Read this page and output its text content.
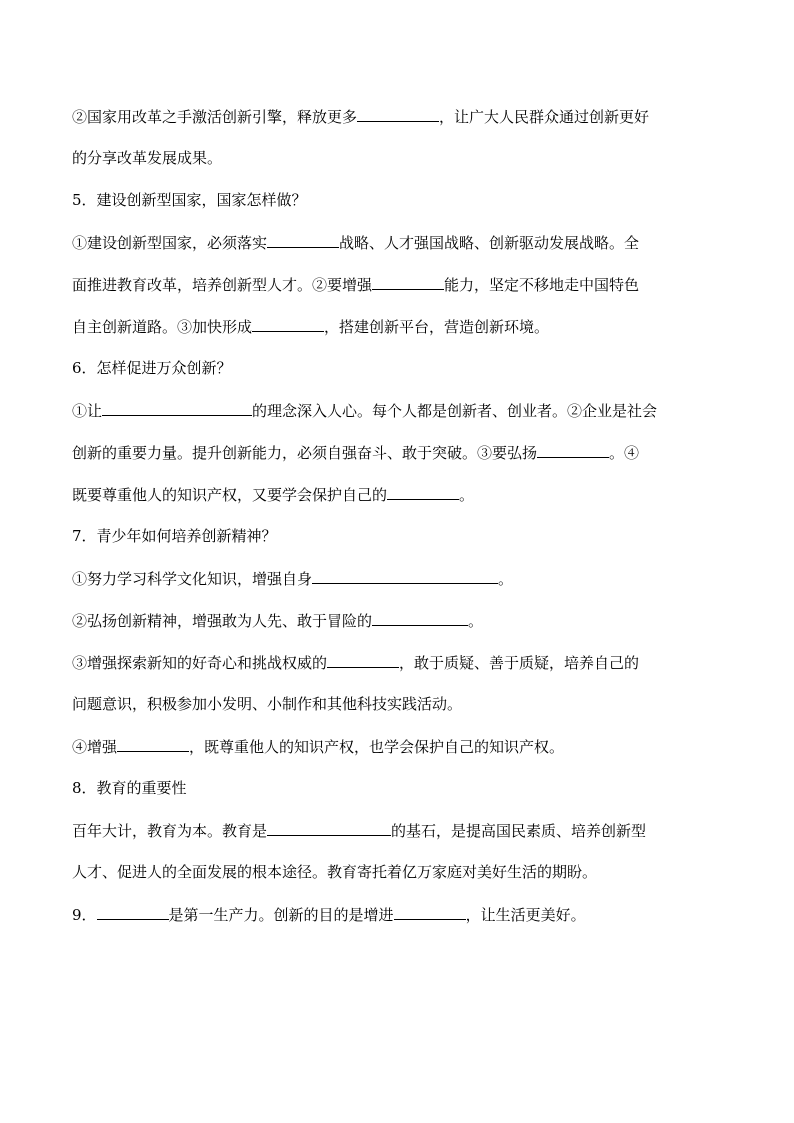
②国家用改革之手激活创新引擎，释放更多	，让广大人民群众通过创新更好
的分享改革发展成果。
5．建设创新型国家，国家怎样做？
①建设创新型国家，必须落实	战略、人才强国战略、创新驱动发展战略。全
面推进教育改革，培养创新型人才。②要增强	能力，坚定不移地走中国特色
自主创新道路。③加快形成	，搭建创新平台，营造创新环境。
6．怎样促进万众创新？
①让	的理念深入人心。每个人都是创新者、创业者。②企业是社会
创新的重要力量。提升创新能力，必须自强奋斗、敢于突破。③要弘扬	。④
既要尊重他人的知识产权，又要学会保护自己的	。
7．青少年如何培养创新精神？
①努力学习科学文化知识，增强自身	。
②弘扬创新精神，增强敢为人先、敢于冒险的	。
③增强探索新知的好奇心和挑战权威的	，敢于质疑、善于质疑，培养自己的
问题意识，积极参加小发明、小制作和其他科技实践活动。
④增强	，既尊重他人的知识产权，也学会保护自己的知识产权。
8．教育的重要性
百年大计，教育为本。教育是	的基石，是提高国民素质、培养创新型
人才、促进人的全面发展的根本途径。教育寄托着亿万家庭对美好生活的期盼。
9．	是第一生产力。创新的目的是增进	，让生活更美好。
